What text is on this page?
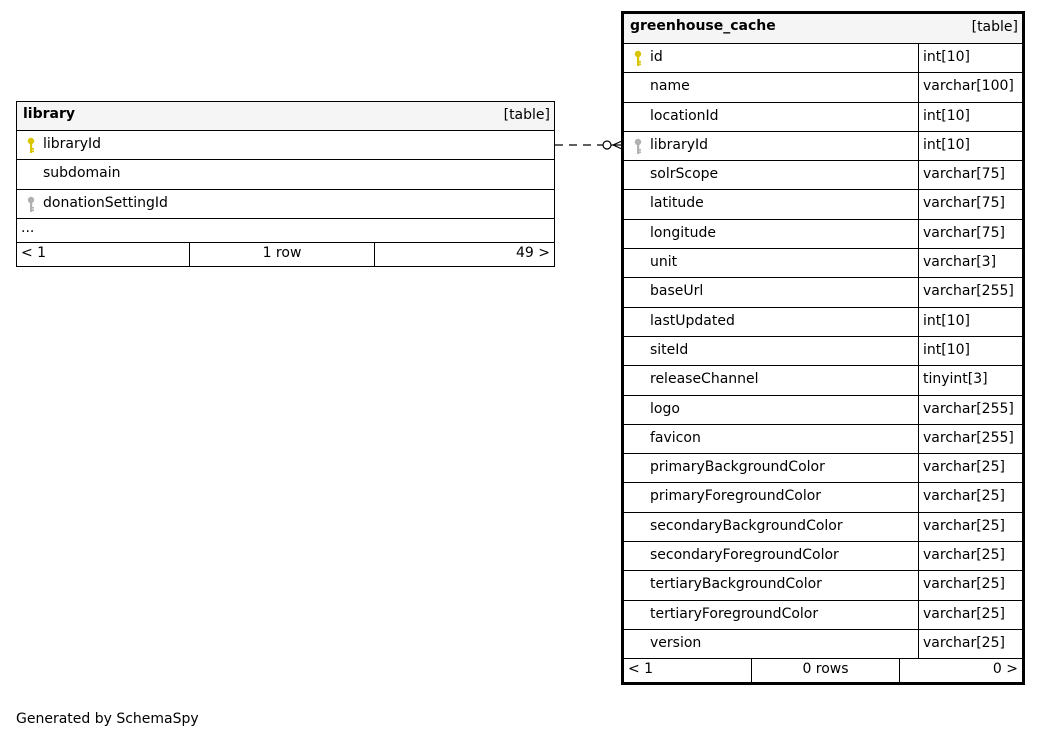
library	[table]
libraryId
subdomain
donationSettingId
...
< 1	1 row	49 >
greenhouse_cache	[table]
id	int[10]
name	varchar[100]
locationId	int[10]
libraryId	int[10]
solrScope	varchar[75]
latitude	varchar[75]
longitude	varchar[75]
unit	varchar[3]
baseUrl	varchar[255]
lastUpdated	int[10]
siteId	int[10]
releaseChannel	tinyint[3]
logo	varchar[255]
favicon	varchar[255]
primaryBackgroundColor	varchar[25]
primaryForegroundColor	varchar[25]
secondaryBackgroundColor	varchar[25]
secondaryForegroundColor	varchar[25]
tertiaryBackgroundColor	varchar[25]
tertiaryForegroundColor	varchar[25]
version	varchar[25]
< 1	0 rows	0 >
Generated by SchemaSpy
